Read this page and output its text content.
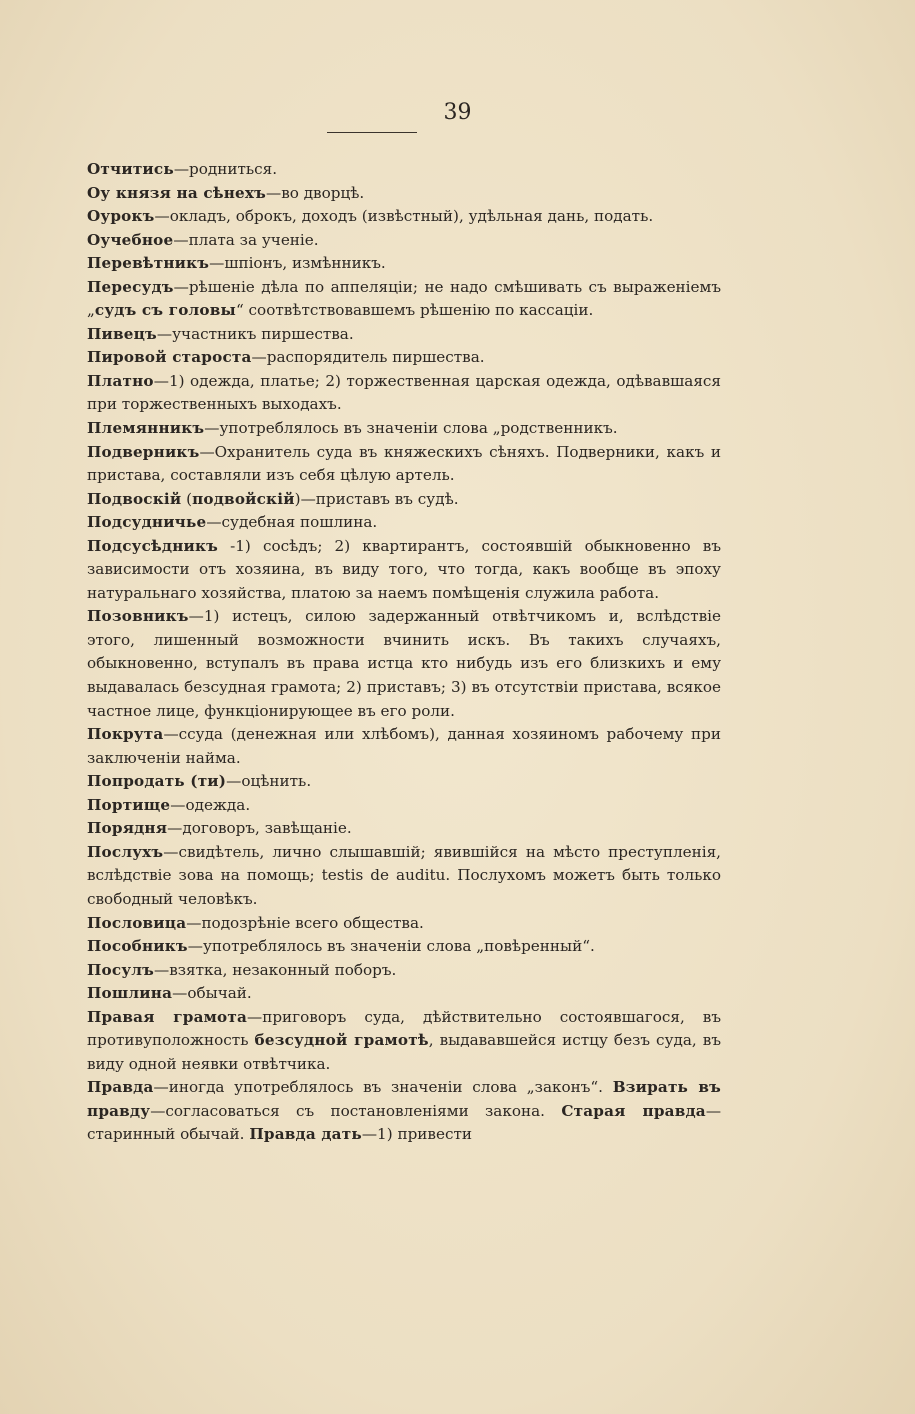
39

Отчитись—родниться.

Оу князя на сѣнехъ—во дворцѣ.

Оурокъ—окладъ, оброкъ, доходъ (извѣстный), удѣльная дань, подать.

Оучебное—плата за ученіе.

Перевѣтникъ—шпіонъ, измѣнникъ.

Пересудъ—рѣшеніе дѣла по аппеляціи; не надо смѣшивать съ выраженіемъ „судъ съ головы“ соотвѣтствовавшемъ рѣшенію по кассаціи.

Пивецъ—участникъ пиршества.

Пировой староста—распорядитель пиршества.

Платно—1) одежда, платье; 2) торжественная царская одежда, одѣвавшаяся при торжественныхъ выходахъ.

Племянникъ—употреблялось въ значеніи слова „родственникъ.

Подверникъ—Охранитель суда въ княжескихъ сѣняхъ. Подверники, какъ и пристава, составляли изъ себя цѣлую артель.

Подвоскій (подвойскій)—приставъ въ судѣ.

Подсудничье—судебная пошлина.

Подсусѣдникъ -1) сосѣдъ; 2) квартирантъ, состоявшій обыкновенно въ зависимости отъ хозяина, въ виду того, что тогда, какъ вообще въ эпоху натуральнаго хозяйства, платою за наемъ помѣщенія служила работа.

Позовникъ—1) истецъ, силою задержанный отвѣтчикомъ и, вслѣдствіе этого, лишенный возможности вчинить искъ. Въ такихъ случаяхъ, обыкновенно, вступалъ въ права истца кто нибудь изъ его близкихъ и ему выдавалась безсудная грамота; 2) приставъ; 3) въ отсутствіи пристава, всякое частное лице, функціонирующее въ его роли.

Покрута—ссуда (денежная или хлѣбомъ), данная хозяиномъ рабочему при заключеніи найма.

Попродать (ти)—оцѣнить.

Портище—одежда.

Порядня—договоръ, завѣщаніе.

Послухъ—свидѣтель, лично слышавшій; явившійся на мѣсто преступленія, вслѣдствіе зова на помощь; testis de auditu. Послухомъ можетъ быть только свободный человѣкъ.

Пословица—подозрѣніе всего общества.

Пособникъ—употреблялось въ значеніи слова „повѣренный“.

Посулъ—взятка, незаконный поборъ.

Пошлина—обычай.

Правая грамота—приговоръ суда, дѣйствительно состоявшагося, въ противуположность безсудной грамотѣ, выдававшейся истцу безъ суда, въ виду одной неявки отвѣтчика.

Правда—иногда употреблялось въ значеніи слова „законъ“. Взирать въ правду—согласоваться съ постановленіями закона. Старая правда—старинный обычай. Правда дать—1) привести
